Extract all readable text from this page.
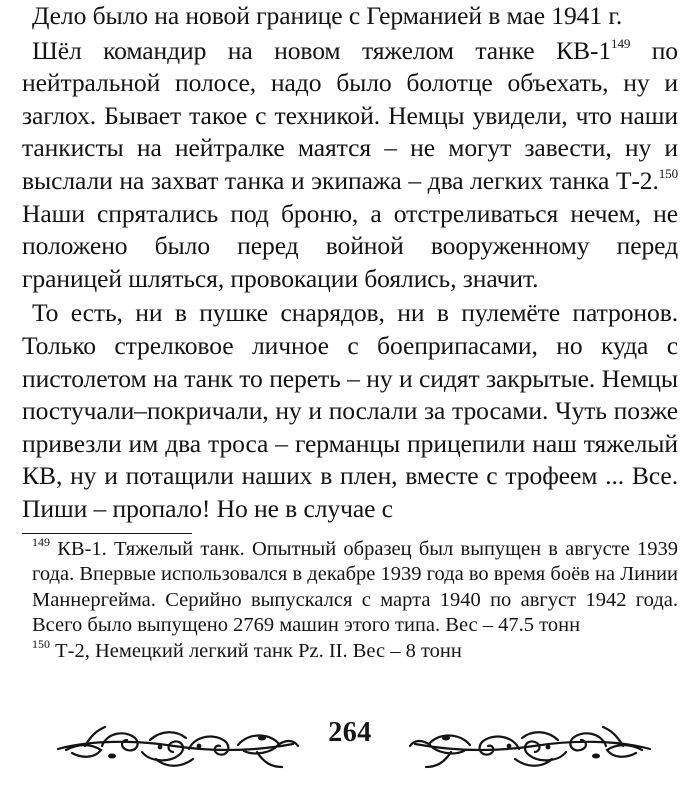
Дело было на новой границе с Германией в мае 1941 г.

Шёл командир на новом тяжелом танке $КВ-1^{149}$ по нейтральной полосе, надо было болотце объехать, ну и заглох. Бывает такое с техникой. Немцы увидели, что наши танкисты на нейтралке маятся – не могут завести, ну и выслали на захват танка и экипажа – два легких танка Т-2.$^{150}$ Наши спрятались под броню, а отстреливаться нечем, не положено было перед войной вооруженному перед границей шляться, провокации боялись, значит.

То есть, ни в пушке снарядов, ни в пулемёте патронов. Только стрелковое личное с боеприпасами, но куда с пистолетом на танк то переть – ну и сидят закрытые. Немцы постучали–покричали, ну и послали за тросами. Чуть позже привезли им два троса – германцы прицепили наш тяжелый КВ, ну и потащили наших в плен, вместе с трофеем ... Все. Пиши – пропало! Но не в случае с

$^{149}$ КВ-1. Тяжелый танк. Опытный образец был выпущен в августе 1939 года. Впервые использовался в декабре 1939 года во время боёв на Линии Маннергейма. Серийно выпускался с марта 1940 по август 1942 года. Всего было выпущено 2769 машин этого типа. Вес – 47.5 тонн

$^{150}$ Т-2, Немецкий легкий танк Pz. II. Вес – 8 тонн

264
